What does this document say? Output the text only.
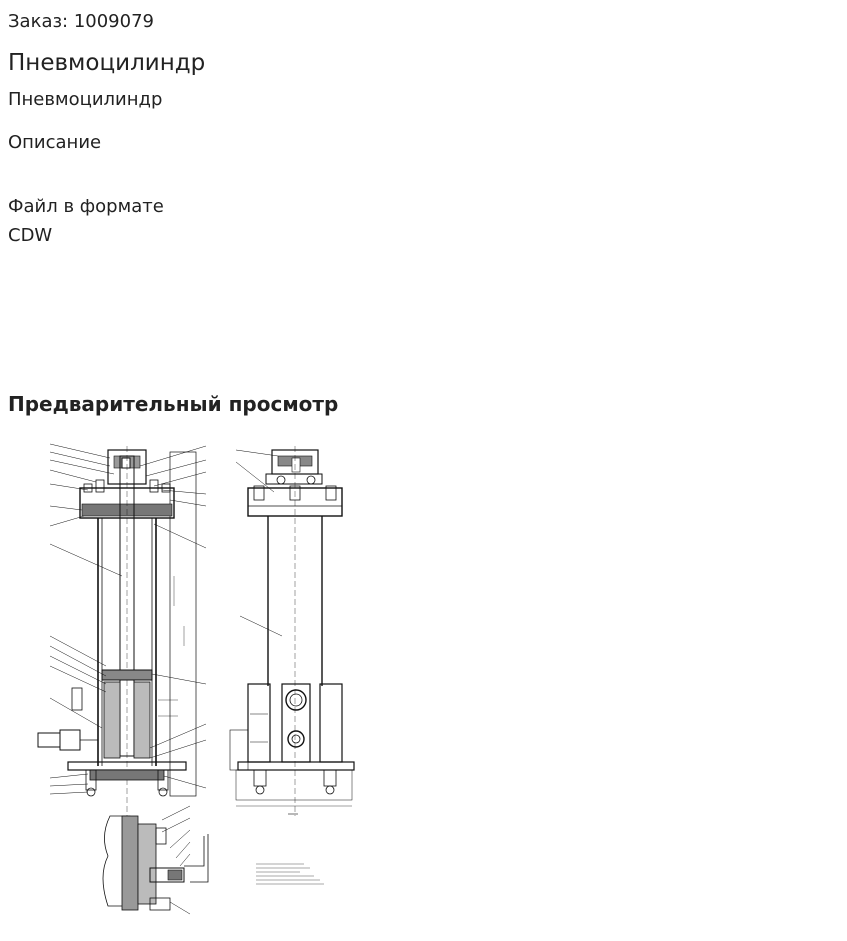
Заказ: 1009079
Пневмоцилиндр
Пневмоцилиндр
Описание
Файл в формате CDW
Предварительный просмотр
